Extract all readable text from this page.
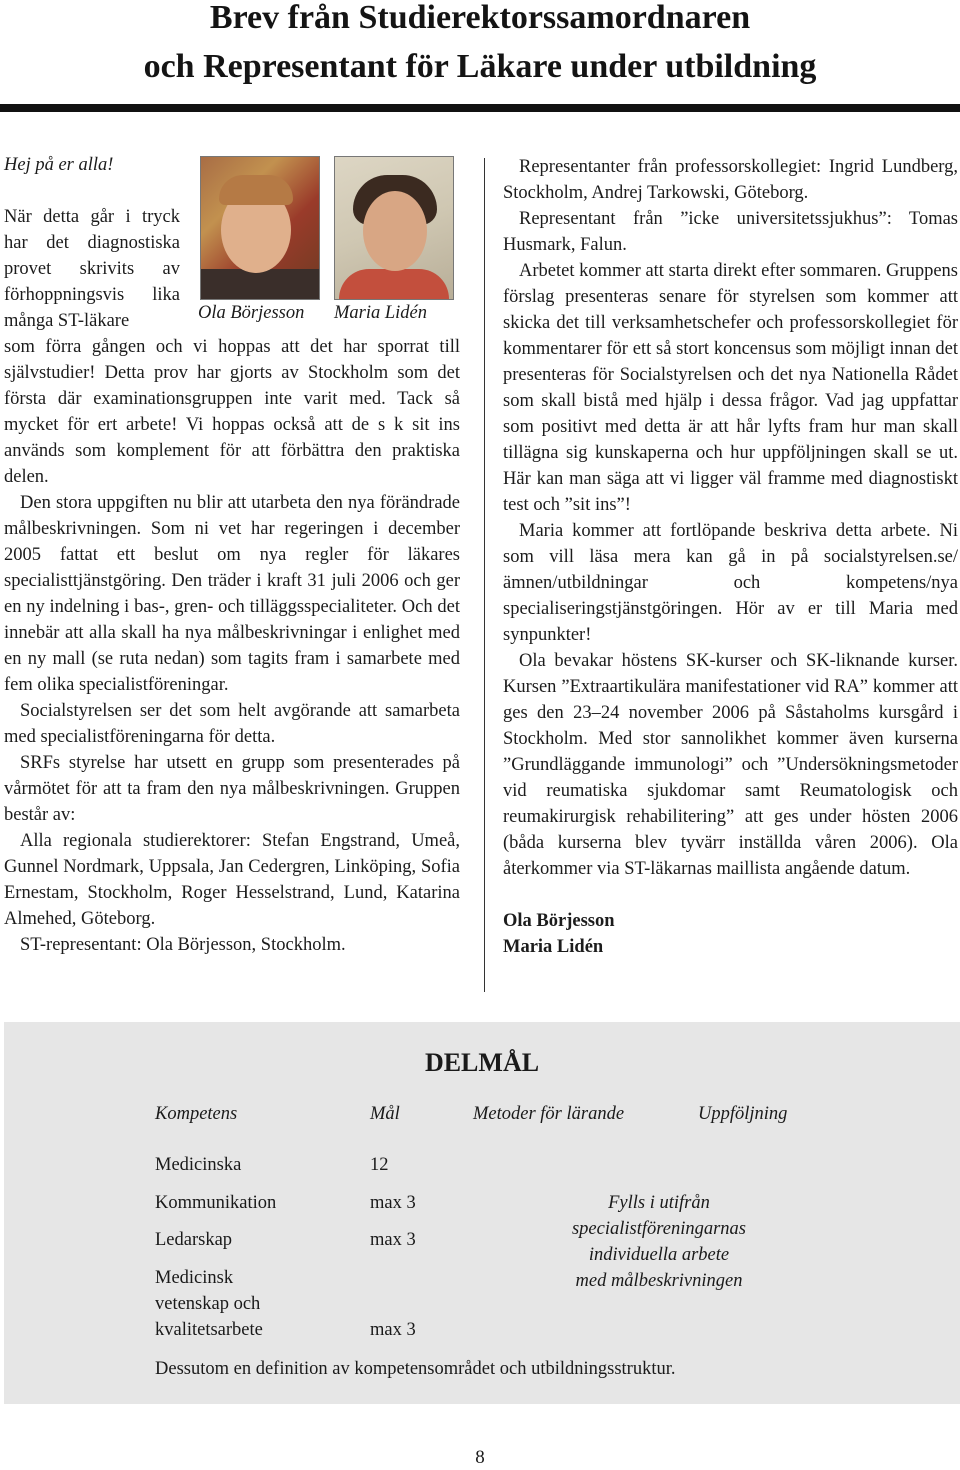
Brev från Studierektorssamordnaren
och Representant för Läkare under utbildning

Hej på er alla!

När detta går i tryck har det diagnostiska provet skrivits av förhoppningsvis lika många ST-läkare

som förra gången och vi hoppas att det har sporrat till självstudier! Detta prov har gjorts av Stockholm som det första där examinationsgruppen inte varit med. Tack så mycket för ert arbete! Vi hoppas också att de s k sit ins används som komplement för att förbättra den praktiska delen.

Den stora uppgiften nu blir att utarbeta den nya förändrade målbeskrivningen. Som ni vet har regeringen i december 2005 fattat ett beslut om nya regler för läkares specialisttjänstgöring. Den träder i kraft 31 juli 2006 och ger en ny indelning i bas-, gren- och tilläggsspecialiteter. Och det innebär att alla skall ha nya målbeskrivningar i enlighet med en ny mall (se ruta nedan) som tagits fram i samarbete med fem olika specialistföreningar.

Socialstyrelsen ser det som helt avgörande att samarbeta med specialistföreningarna för detta.

SRFs styrelse har utsett en grupp som presenterades på vårmötet för att ta fram den nya målbeskrivningen. Gruppen består av:

Alla regionala studierektorer: Stefan Engstrand, Umeå, Gunnel Nordmark, Uppsala, Jan Cedergren, Linköping, Sofia Ernestam, Stockholm, Roger Hesselstrand, Lund, Katarina Almehed, Göteborg.

ST-representant: Ola Börjesson, Stockholm.

Ola Börjesson Maria Lidén

Representanter från professorskollegiet: Ingrid Lundberg, Stockholm, Andrej Tarkowski, Göteborg.

Representant från ”icke universitetssjukhus”: Tomas Husmark, Falun.

Arbetet kommer att starta direkt efter sommaren. Gruppens förslag presenteras senare för styrelsen som kommer att skicka det till verksamhetschefer och professorskollegiet för kommentarer för ett så stort koncensus som möjligt innan det presenteras för Socialstyrelsen och det nya Nationella Rådet som skall bistå med hjälp i dessa frågor. Vad jag uppfattar som positivt med detta är att hår lyfts fram hur man skall tillägna sig kunskaperna och hur uppföljningen skall se ut. Här kan man säga att vi ligger väl framme med diagnostiskt test och ”sit ins”!

Maria kommer att fortlöpande beskriva detta arbete. Ni som vill läsa mera kan gå in på socialstyrelsen.se/ämnen/utbildningar och kompetens/nya specialiseringstjänstgöringen. Hör av er till Maria med synpunkter!

Ola bevakar höstens SK-kurser och SK-liknande kurser. Kursen ”Extraartikulära manifestationer vid RA” kommer att ges den 23–24 november 2006 på Såstaholms kursgård i Stockholm. Med stor sannolikhet kommer även kurserna ”Grundläggande immunologi” och ”Undersökningsmetoder vid reumatiska sjukdomar samt Reumatologisk och reumakirurgisk rehabilitering” att ges under hösten 2006 (båda kurserna blev tyvärr inställda våren 2006). Ola återkommer via ST-läkarnas maillista angående datum.

Ola Börjesson

Maria Lidén

DELMÅL
Kompetens	Mål	Metoder för lärande	Uppföljning
Medicinska	12
Kommunikation	max 3
Ledarskap	max 3
Medicinsk
vetenskap och
kvalitetsarbete	max 3
Fylls i utifrån
specialistföreningarnas
individuella arbete
med målbeskrivningen
Dessutom en definition av kompetensområdet och utbildningsstruktur.
8
